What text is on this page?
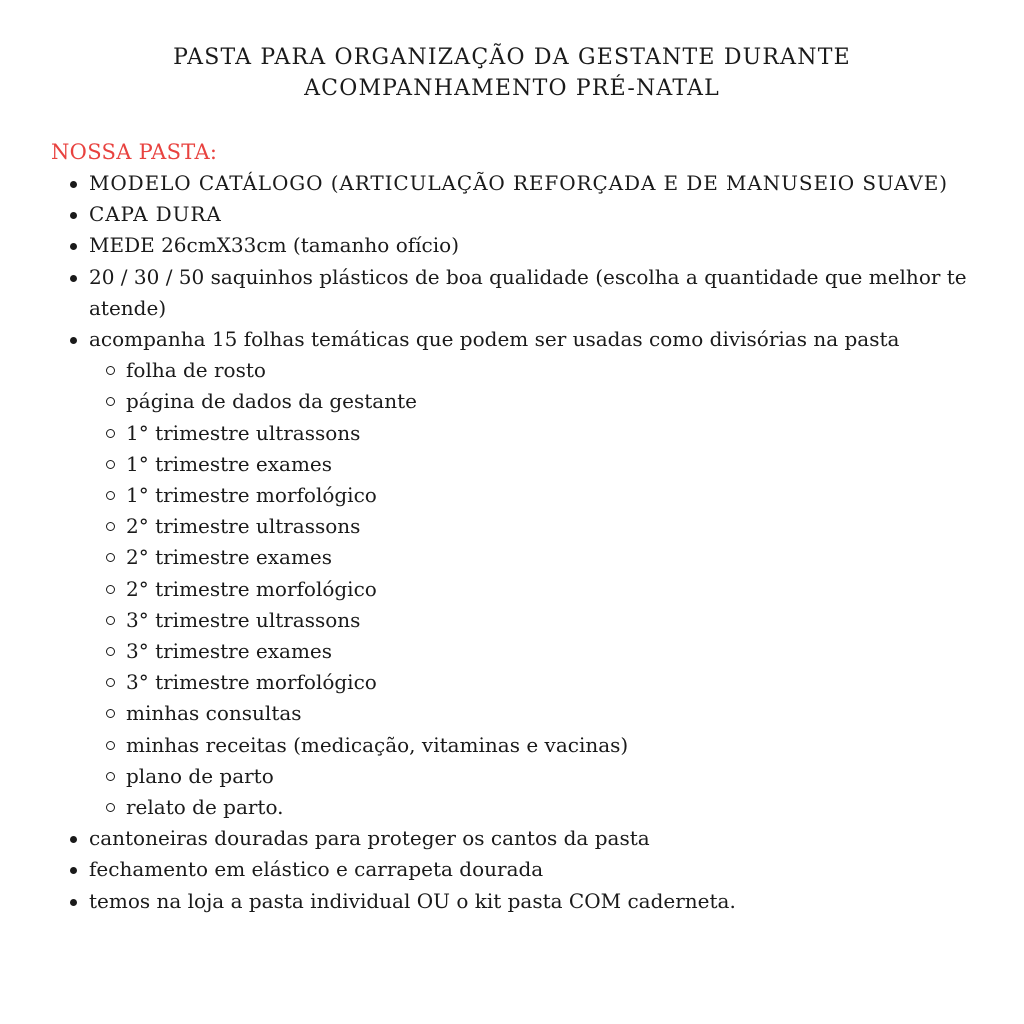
PASTA PARA ORGANIZAÇÃO DA GESTANTE DURANTE ACOMPANHAMENTO PRÉ-NATAL
NOSSA PASTA:
MODELO CATÁLOGO (ARTICULAÇÃO REFORÇADA E DE MANUSEIO SUAVE)
CAPA DURA
MEDE 26cmX33cm (tamanho ofício)
20 / 30 / 50 saquinhos plásticos de boa qualidade (escolha a quantidade que melhor te atende)
acompanha 15 folhas temáticas que podem ser usadas como divisórias na pasta
folha de rosto
página de dados da gestante
1° trimestre ultrassons
1° trimestre exames
1° trimestre morfológico
2° trimestre ultrassons
2° trimestre exames
2° trimestre morfológico
3° trimestre ultrassons
3° trimestre exames
3° trimestre morfológico
minhas consultas
minhas receitas (medicação, vitaminas e vacinas)
plano de parto
relato de parto.
cantoneiras douradas para proteger os cantos da pasta
fechamento em elástico e carrapeta dourada
temos na loja a pasta individual OU o kit pasta COM caderneta.
